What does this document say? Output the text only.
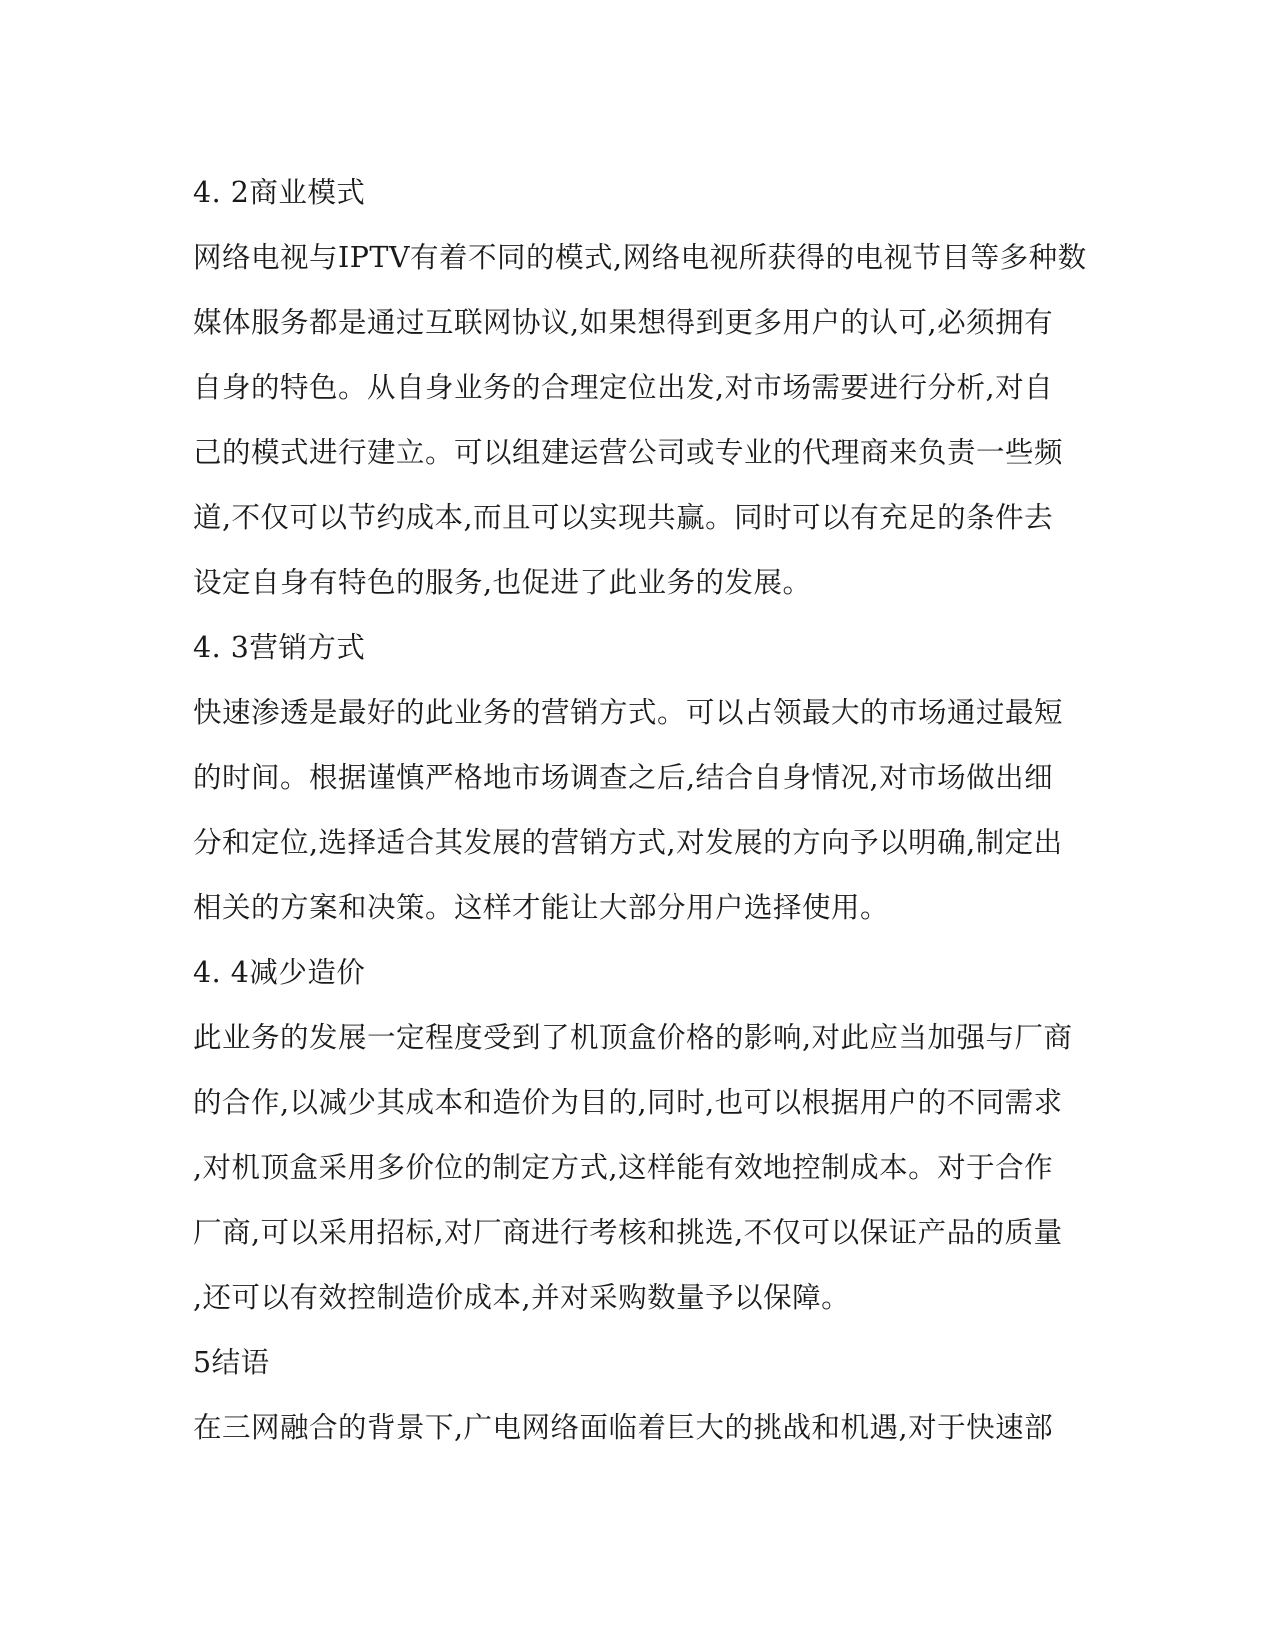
4. 2商业模式
网络电视与IPTV有着不同的模式,网络电视所获得的电视节目等多种数
媒体服务都是通过互联网协议,如果想得到更多用户的认可,必须拥有
自身的特色。从自身业务的合理定位出发,对市场需要进行分析,对自
己的模式进行建立。可以组建运营公司或专业的代理商来负责一些频
道,不仅可以节约成本,而且可以实现共赢。同时可以有充足的条件去
设定自身有特色的服务,也促进了此业务的发展。
4. 3营销方式
快速渗透是最好的此业务的营销方式。可以占领最大的市场通过最短
的时间。根据谨慎严格地市场调查之后,结合自身情况,对市场做出细
分和定位,选择适合其发展的营销方式,对发展的方向予以明确,制定出
相关的方案和决策。这样才能让大部分用户选择使用。
4. 4减少造价
此业务的发展一定程度受到了机顶盒价格的影响,对此应当加强与厂商
的合作,以减少其成本和造价为目的,同时,也可以根据用户的不同需求
,对机顶盒采用多价位的制定方式,这样能有效地控制成本。对于合作
厂商,可以采用招标,对厂商进行考核和挑选,不仅可以保证产品的质量
,还可以有效控制造价成本,并对采购数量予以保障。
5结语
在三网融合的背景下,广电网络面临着巨大的挑战和机遇,对于快速部
